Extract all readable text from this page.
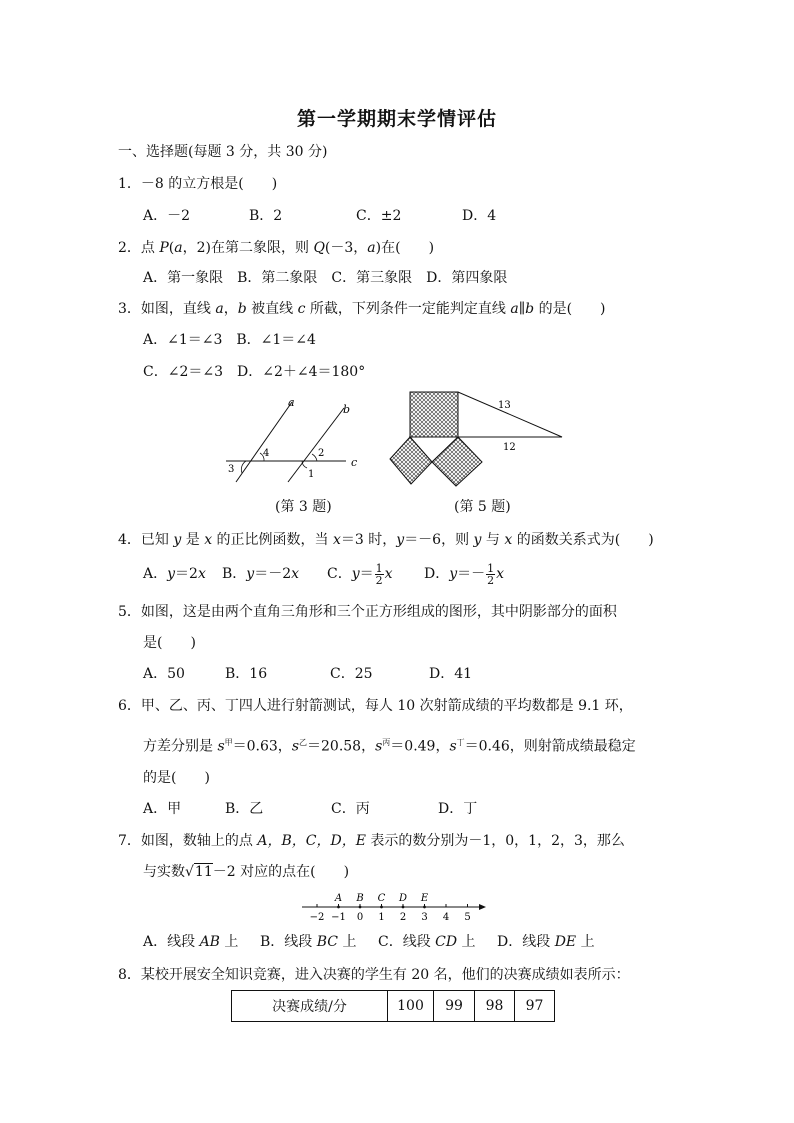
第一学期期末学情评估
一、选择题(每题 3 分，共 30 分)
1．－8 的立方根是(　　)
A．－2	B．2	C．±2	D．4
2．点 P(a，2)在第二象限，则 Q(－3，a)在(　　)
A．第一象限　B．第二象限　C．第三象限　D．第四象限
3．如图，直线 a，b 被直线 c 所截，下列条件一定能判定直线 a∥b 的是(　　)
A．∠1＝∠3　B．∠1＝∠4
C．∠2＝∠3　D．∠2＋∠4＝180°
a
b
c
3
4	2
1
13
12
(第 3 题)	(第 5 题)
4．已知 y 是 x 的正比例函数，当 x＝3 时，y＝－6，则 y 与 x 的函数关系式为(　　)
A．y＝2x B．y＝－2x C．$y= \frac{1}{2}$ x D．$y=- \frac{1}{2}$ x
5．如图，这是由两个直角三角形和三个正方形组成的图形，其中阴影部分的面积
是(　　)
A．50	B．16	C．25	D．41
6．甲、乙、丙、丁四人进行射箭测试，每人 10 次射箭成绩的平均数都是 9.1 环，
方差分别是 $s^甲=0.63$，$s^乙=20.58$，$s^丙=0.49$，$s^丁=0.46$，则射箭成绩最稳定
的是(　　)
A．甲	B．乙	C．丙	D．丁
7．如图，数轴上的点 A，B，C，D，E 表示的数分别为－1，0，1，2，3，那么
与实数√11－2 对应的点在(　　)
−2 −1 0 1 2 3 4 5
A B C D E
A．线段 AB 上 B．线段 BC 上 C．线段 CD 上 D．线段 DE 上
8．某校开展安全知识竞赛，进入决赛的学生有 20 名，他们的决赛成绩如表所示：
决赛成绩/分	100	99	98	97
